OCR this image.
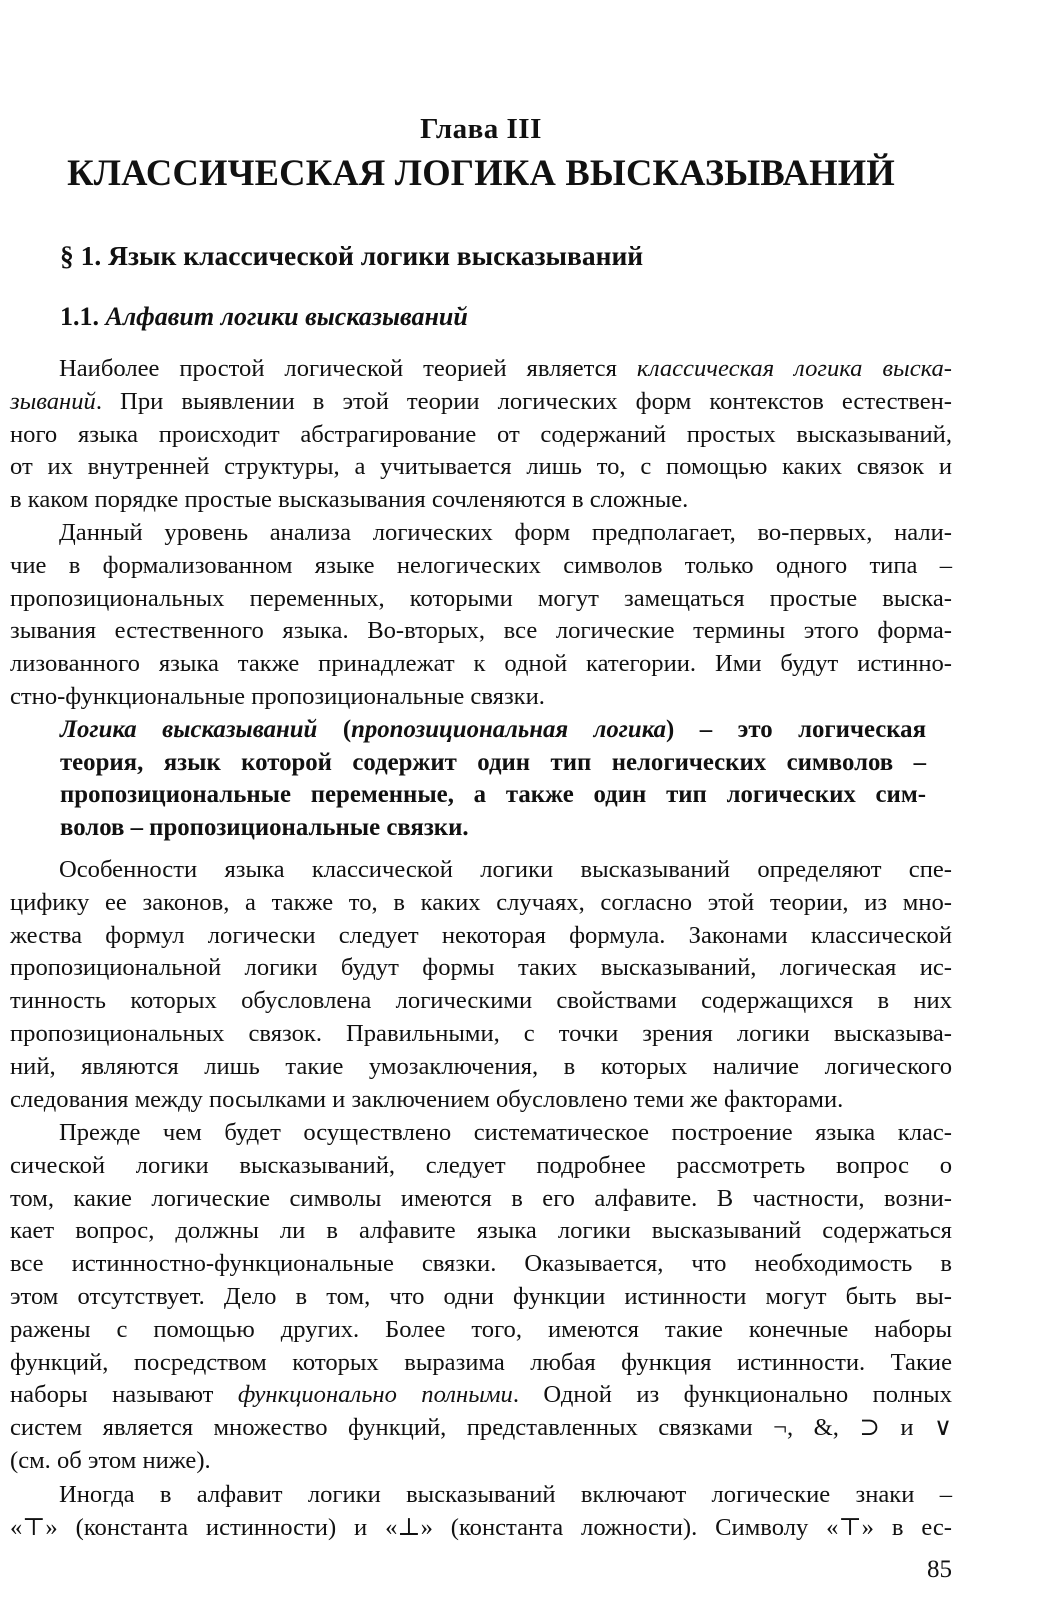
Глава III
КЛАССИЧЕСКАЯ ЛОГИКА ВЫСКАЗЫВАНИЙ
§ 1. Язык классической логики высказываний
1.1. Алфавит логики высказываний
Наиболее простой логической теорией является классическая логика выска-
зываний. При выявлении в этой теории логических форм контекстов естествен-
ного языка происходит абстрагирование от содержаний простых высказываний,
от их внутренней структуры, а учитывается лишь то, с помощью каких связок и
в каком порядке простые высказывания сочленяются в сложные.
Данный уровень анализа логических форм предполагает, во-первых, нали-
чие в формализованном языке нелогических символов только одного типа –
пропозициональных переменных, которыми могут замещаться простые выска-
зывания естественного языка. Во-вторых, все логические термины этого форма-
лизованного языка также принадлежат к одной категории. Ими будут истинно-
стно-функциональные пропозициональные связки.
Логика высказываний (пропозициональная логика) – это логическая
теория, язык которой содержит один тип нелогических символов –
пропозициональные переменные, а также один тип логических сим-
волов – пропозициональные связки.
Особенности языка классической логики высказываний определяют спе-
цифику ее законов, а также то, в каких случаях, согласно этой теории, из мно-
жества формул логически следует некоторая формула. Законами классической
пропозициональной логики будут формы таких высказываний, логическая ис-
тинность которых обусловлена логическими свойствами содержащихся в них
пропозициональных связок. Правильными, с точки зрения логики высказыва-
ний, являются лишь такие умозаключения, в которых наличие логического
следования между посылками и заключением обусловлено теми же факторами.
Прежде чем будет осуществлено систематическое построение языка клас-
сической логики высказываний, следует подробнее рассмотреть вопрос о
том, какие логические символы имеются в его алфавите. В частности, возни-
кает вопрос, должны ли в алфавите языка логики высказываний содержаться
все истинностно-функциональные связки. Оказывается, что необходимость в
этом отсутствует. Дело в том, что одни функции истинности могут быть вы-
ражены с помощью других. Более того, имеются такие конечные наборы
функций, посредством которых выразима любая функция истинности. Такие
наборы называют функционально полными. Одной из функционально полных
систем является множество функций, представленных связками ¬, &, ⊃ и ∨
(см. об этом ниже).
Иногда в алфавит логики высказываний включают логические знаки –
«⊤» (константа истинности) и «⊥» (константа ложности). Символу «⊤» в ес-
85
